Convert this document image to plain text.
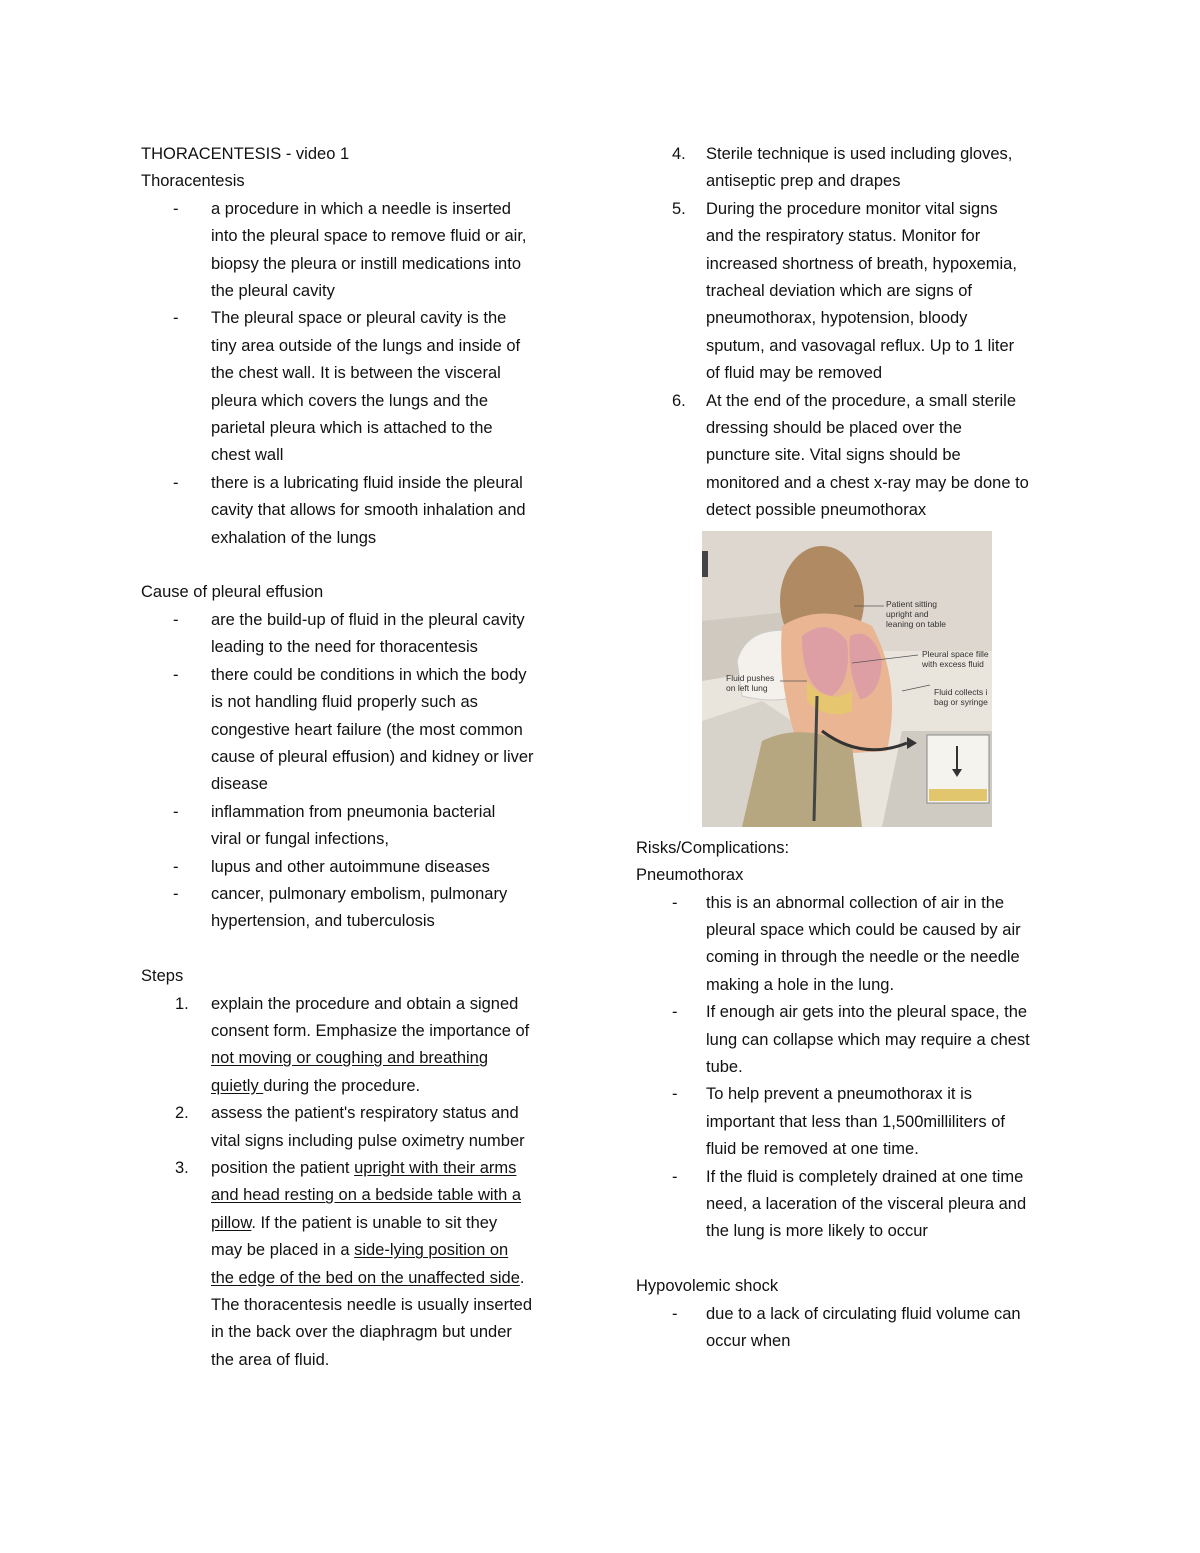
THORACENTESIS - video 1
Thoracentesis
- a procedure in which a needle is inserted
into the pleural space to remove fluid or air,
biopsy the pleura or instill medications into
the pleural cavity
- The pleural space or pleural cavity is the
tiny area outside of the lungs and inside of
the chest wall. It is between the visceral
pleura which covers the lungs and the
parietal pleura which is attached to the
chest wall
- there is a lubricating fluid inside the pleural
cavity that allows for smooth inhalation and
exhalation of the lungs
Cause of pleural effusion
- are the build-up of fluid in the pleural cavity
leading to the need for thoracentesis
- there could be conditions in which the body
is not handling fluid properly such as
congestive heart failure (the most common
cause of pleural effusion) and kidney or liver
disease
- inflammation from pneumonia bacterial
viral or fungal infections,
- lupus and other autoimmune diseases
- cancer, pulmonary embolism, pulmonary
hypertension, and tuberculosis
Steps
1. explain the procedure and obtain a signed
consent form. Emphasize the importance of
not moving or coughing and breathing
quietly during the procedure.
2. assess the patient's respiratory status and
vital signs including pulse oximetry number
3. position the patient upright with their arms
and head resting on a bedside table with a
pillow. If the patient is unable to sit they
may be placed in a side-lying position on
the edge of the bed on the unaffected side.
The thoracentesis needle is usually inserted
in the back over the diaphragm but under
the area of fluid.
4. Sterile technique is used including gloves,
antiseptic prep and drapes
5. During the procedure monitor vital signs
and the respiratory status. Monitor for
increased shortness of breath, hypoxemia,
tracheal deviation which are signs of
pneumothorax, hypotension, bloody
sputum, and vasovagal reflux. Up to 1 liter
of fluid may be removed
6. At the end of the procedure, a small sterile
dressing should be placed over the
puncture site. Vital signs should be
monitored and a chest x-ray may be done to
detect possible pneumothorax
Patient sitting
upright and
leaning on table
Pleural space fille
with excess fluid
Fluid pushes
on left lung	Fluid collects i
bag or syringe
Risks/Complications:
Pneumothorax
- this is an abnormal collection of air in the
pleural space which could be caused by air
coming in through the needle or the needle
making a hole in the lung.
- If enough air gets into the pleural space, the
lung can collapse which may require a chest
tube.
- To help prevent a pneumothorax it is
important that less than 1,500milliliters of
fluid be removed at one time.
- If the fluid is completely drained at one time
need, a laceration of the visceral pleura and
the lung is more likely to occur
Hypovolemic shock
- due to a lack of circulating fluid volume can
occur when
